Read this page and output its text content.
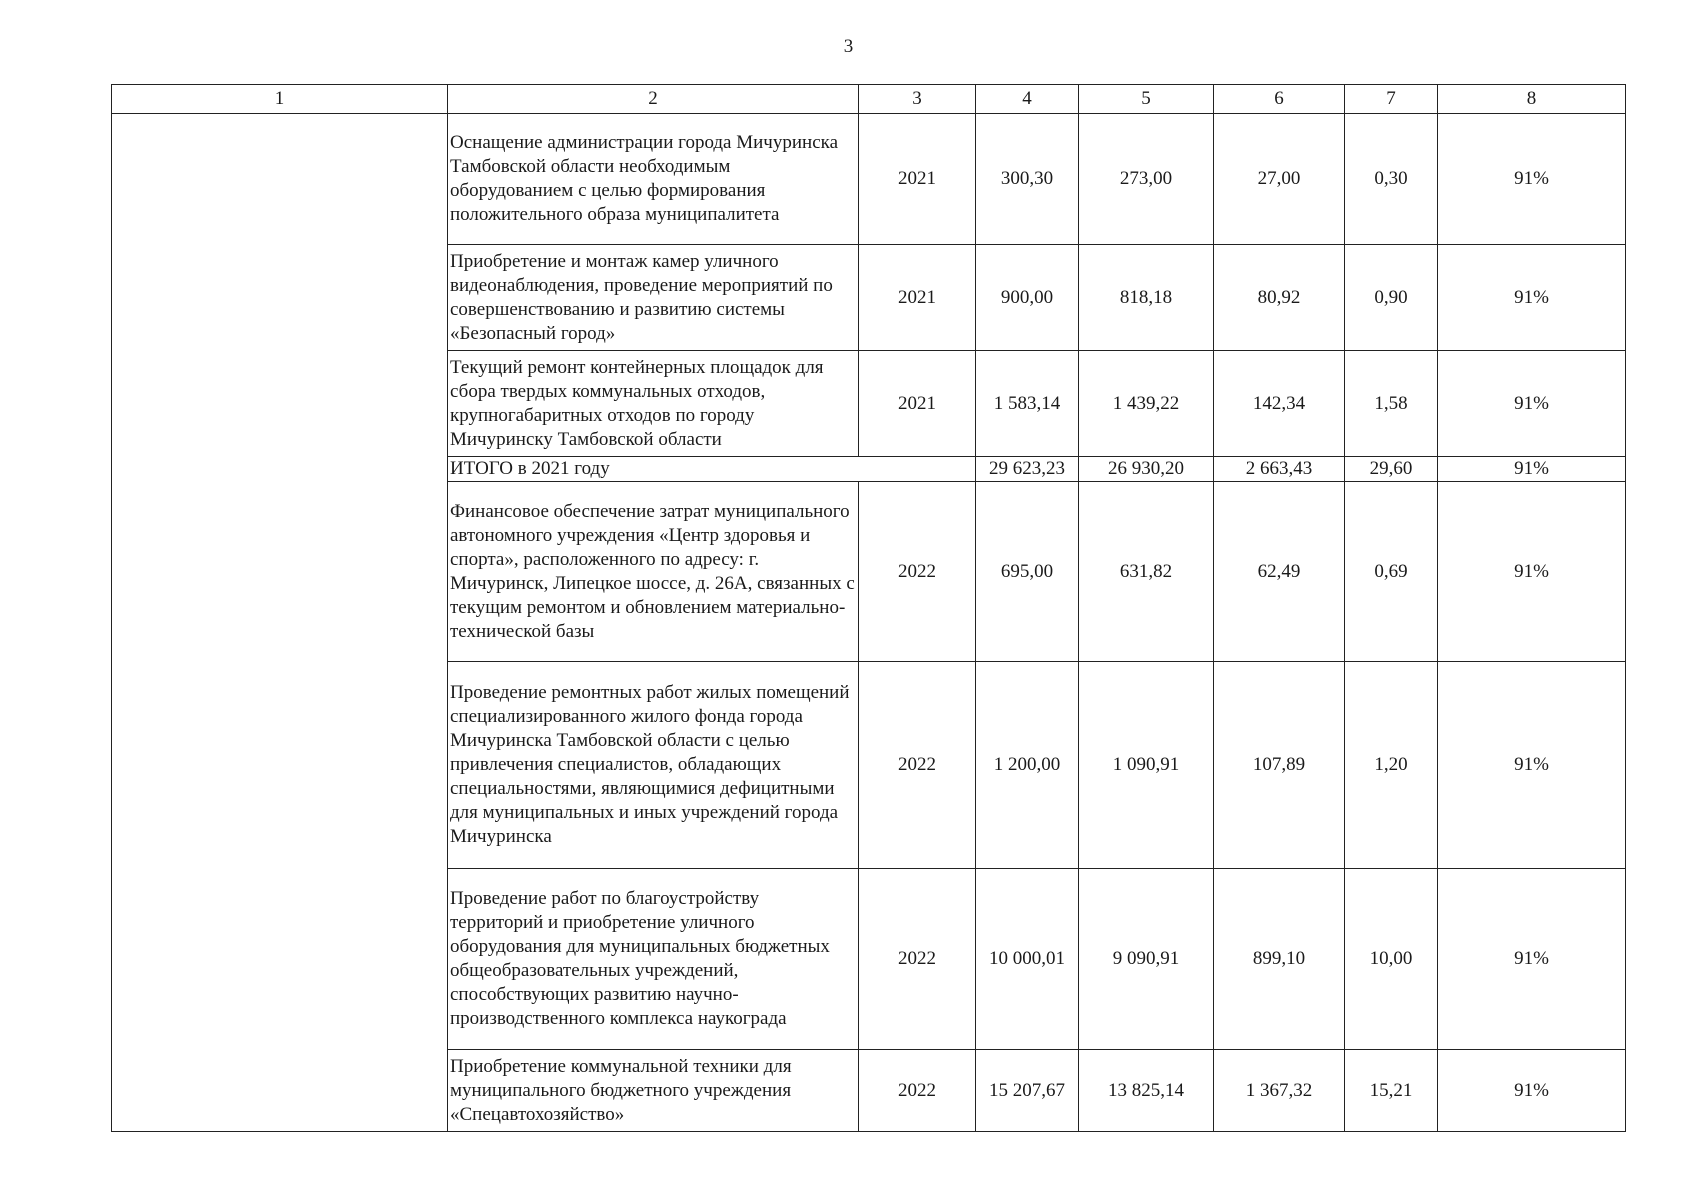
3
1	2	3	4	5	6	7	8
	Оснащение администрации города Мичуринска Тамбовской области необходимым оборудованием с целью формирования положительного образа муниципалитета	2021	300,30	273,00	27,00	0,30	91%
	Приобретение и монтаж камер уличного видеонаблюдения, проведение мероприятий по совершенствованию и развитию системы «Безопасный город»	2021	900,00	818,18	80,92	0,90	91%
	Текущий ремонт контейнерных площадок для сбора твердых коммунальных отходов, крупногабаритных отходов по городу Мичуринску Тамбовской области	2021	1 583,14	1 439,22	142,34	1,58	91%
	ИТОГО в 2021 году		29 623,23	26 930,20	2 663,43	29,60	91%
	Финансовое обеспечение затрат муниципального автономного учреждения «Центр здоровья и спорта», расположенного по адресу: г. Мичуринск, Липецкое шоссе, д. 26А, связанных с текущим ремонтом и обновлением материально-технической базы	2022	695,00	631,82	62,49	0,69	91%
	Проведение ремонтных работ жилых помещений специализированного жилого фонда города Мичуринска Тамбовской области с целью привлечения специалистов, обладающих специальностями, являющимися дефицитными для муниципальных и иных учреждений города Мичуринска	2022	1 200,00	1 090,91	107,89	1,20	91%
	Проведение работ по благоустройству территорий и приобретение уличного оборудования для муниципальных бюджетных общеобразовательных учреждений, способствующих развитию научно-производственного комплекса наукограда	2022	10 000,01	9 090,91	899,10	10,00	91%
	Приобретение коммунальной техники для муниципального бюджетного учреждения «Спецавтохозяйство»	2022	15 207,67	13 825,14	1 367,32	15,21	91%
